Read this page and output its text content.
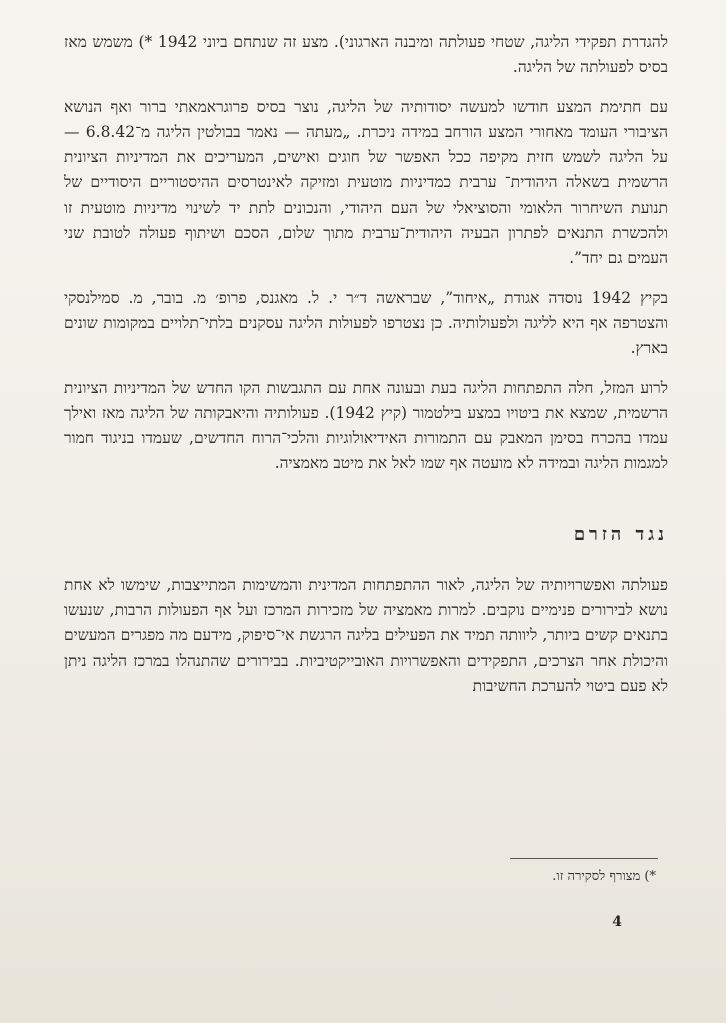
להגדרת תפקידי הליגה, שטחי פעולתה ומיבנה הארגוני). מצע זה שנתחם ביוני 1942 *) משמש מאז בסיס לפעולתה של הליגה.

עם חתימת המצע חודשו למעשה יסודותיה של הליגה, נוצר בסיס פרוגראמאתי ברור ואף הנושא הציבורי העומד מאחורי המצע הורחב במידה ניכרת. „מעתה — נאמר בבולטין הליגה מ־6.8.42 — על הליגה לשמש חזית מקיפה ככל האפשר של חוגים ואישים, המעריכים את המדיניות הציונית הרשמית בשאלה היהודית־ ערבית כמדיניות מוטעית ומזיקה לאינטרסים ההיסטוריים היסודיים של תנועת השיחרור הלאומי והסוציאלי של העם היהודי, והנכונים לתת יד לשינוי מדיניות מוטעית זו ולהכשרת התנאים לפתרון הבעיה היהודית־ערבית מתוך שלום, הסכם ושיתוף פעולה לטובת שני העמים גם יחד”.

בקיץ 1942 נוסדה אגודת „איחוד”, שבראשה ד״ר י. ל. מאגנס, פרופ׳ מ. בובר, מ. סמילנסקי והצטרפה אף היא לליגה ולפעולותיה. כן נצטרפו לפעולות הליגה עסקנים בלתי־תלויים במקומות שונים בארץ.

לרוע המזל, חלה התפתחות הליגה בעת ובעונה אחת עם התגבשות הקו החדש של המדיניות הציונית הרשמית, שמצא את ביטויו במצע בילטמור (קיץ 1942). פעולותיה והיאבקותה של הליגה מאז ואילך עמדו בהכרח בסימן המאבק עם התמורות האידיאולוגיות והלכי־הרוח החדשים, שעמדו בניגוד חמור למגמות הליגה ובמידה לא מועטה אף שמו לאל את מיטב מאמציה.

נגד הזרם

פעולתה ואפשרויותיה של הליגה, לאור ההתפתחות המדינית והמשימות המתייצבות, שימשו לא אחת נושא לבירורים פנימיים נוקבים. למרות מאמציה של מזכירות המרכז ועל אף הפעולות הרבות, שנעשו בתנאים קשים ביותר, ליוותה תמיד את הפעילים בליגה הרגשת אי־סיפוק, מידעם מה מפגרים המעשים והיכולת אחר הצרכים, התפקידים והאפשרויות האובייקטיביות. בבירורים שהתנהלו במרכז הליגה ניתן לא פעם ביטוי להערכת החשיבות

*) מצורף לסקירה זו.
4
